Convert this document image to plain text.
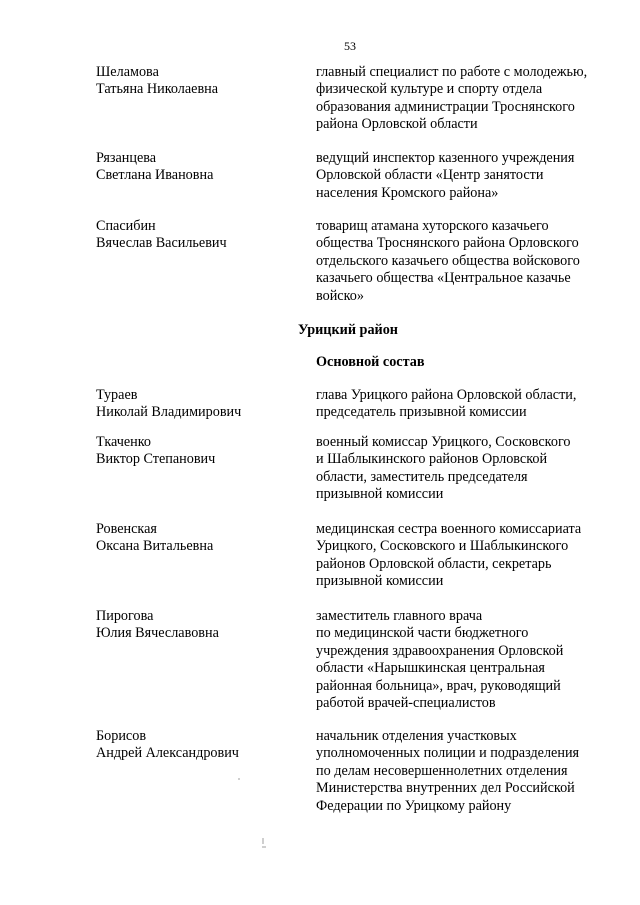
53
Шеламова
Татьяна Николаевна
главный специалист по работе с молодежью,
физической культуре и спорту отдела
образования администрации Троснянского
района Орловской области
Рязанцева
Светлана Ивановна
ведущий инспектор казенного учреждения
Орловской области «Центр занятости
населения Кромского района»
Спасибин
Вячеслав Васильевич
товарищ атамана хуторского казачьего
общества Троснянского района Орловского
отдельского казачьего общества войскового
казачьего общества «Центральное казачье
войско»
Урицкий район
Основной состав
Тураев
Николай Владимирович
глава Урицкого района Орловской области,
председатель призывной комиссии
Ткаченко
Виктор Степанович
военный комиссар Урицкого, Сосковского
и Шаблыкинского районов Орловской
области, заместитель председателя
призывной комиссии
Ровенская
Оксана Витальевна
медицинская сестра военного комиссариата
Урицкого, Сосковского и Шаблыкинского
районов Орловской области, секретарь
призывной комиссии
Пирогова
Юлия Вячеславовна
заместитель главного врача
по медицинской части бюджетного
учреждения здравоохранения Орловской
области «Нарышкинская центральная
районная больница», врач, руководящий
работой врачей-специалистов
Борисов
Андрей Александрович
начальник отделения участковых
уполномоченных полиции и подразделения
по делам несовершеннолетних отделения
Министерства внутренних дел Российской
Федерации по Урицкому району
